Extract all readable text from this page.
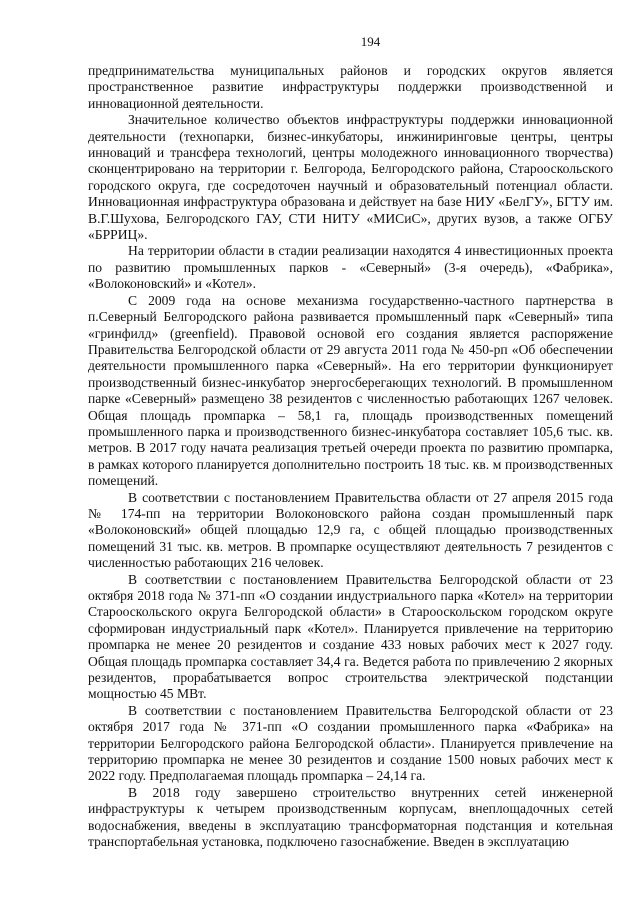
194

предпринимательства муниципальных районов и городских округов является пространственное развитие инфраструктуры поддержки производственной и инновационной деятельности.

Значительное количество объектов инфраструктуры поддержки инновационной деятельности (технопарки, бизнес-инкубаторы, инжиниринговые центры, центры инноваций и трансфера технологий, центры молодежного инновационного творчества) сконцентрировано на территории г. Белгорода, Белгородского района, Старооскольского городского округа, где сосредоточен научный и образовательный потенциал области. Инновационная инфраструктура образована и действует на базе НИУ «БелГУ», БГТУ им. В.Г.Шухова, Белгородского ГАУ, СТИ НИТУ «МИСиС», других вузов, а также ОГБУ «БРРИЦ».

На территории области в стадии реализации находятся 4 инвестиционных проекта по развитию промышленных парков - «Северный» (3-я очередь), «Фабрика», «Волоконовский» и «Котел».

С 2009 года на основе механизма государственно-частного партнерства в п.Северный Белгородского района развивается промышленный парк «Северный» типа «гринфилд» (greenfield). Правовой основой его создания является распоряжение Правительства Белгородской области от 29 августа 2011 года № 450-рп «Об обеспечении деятельности промышленного парка «Северный». На его территории функционирует производственный бизнес-инкубатор энергосберегающих технологий. В промышленном парке «Северный» размещено 38 резидентов с численностью работающих 1267 человек. Общая площадь промпарка – 58,1 га, площадь производственных помещений промышленного парка и производственного бизнес-инкубатора составляет 105,6 тыс. кв. метров. В 2017 году начата реализация третьей очереди проекта по развитию промпарка, в рамках которого планируется дополнительно построить 18 тыс. кв. м производственных помещений.

В соответствии с постановлением Правительства области от 27 апреля 2015 года № 174-пп на территории Волоконовского района создан промышленный парк «Волоконовский» общей площадью 12,9 га, с общей площадью производственных помещений 31 тыс. кв. метров. В промпарке осуществляют деятельность 7 резидентов с численностью работающих 216 человек.

В соответствии с постановлением Правительства Белгородской области от 23 октября 2018 года № 371-пп «О создании индустриального парка «Котел» на территории Старооскольского округа Белгородской области» в Старооскольском городском округе сформирован индустриальный парк «Котел». Планируется привлечение на территорию промпарка не менее 20 резидентов и создание 433 новых рабочих мест к 2027 году. Общая площадь промпарка составляет 34,4 га. Ведется работа по привлечению 2 якорных резидентов, прорабатывается вопрос строительства электрической подстанции мощностью 45 МВт.

В соответствии с постановлением Правительства Белгородской области от 23 октября 2017 года № 371-пп «О создании промышленного парка «Фабрика» на территории Белгородского района Белгородской области». Планируется привлечение на территорию промпарка не менее 30 резидентов и создание 1500 новых рабочих мест к 2022 году. Предполагаемая площадь промпарка – 24,14 га.

В 2018 году завершено строительство внутренних сетей инженерной инфраструктуры к четырем производственным корпусам, внеплощадочных сетей водоснабжения, введены в эксплуатацию трансформаторная подстанция и котельная транспортабельная установка, подключено газоснабжение. Введен в эксплуатацию
